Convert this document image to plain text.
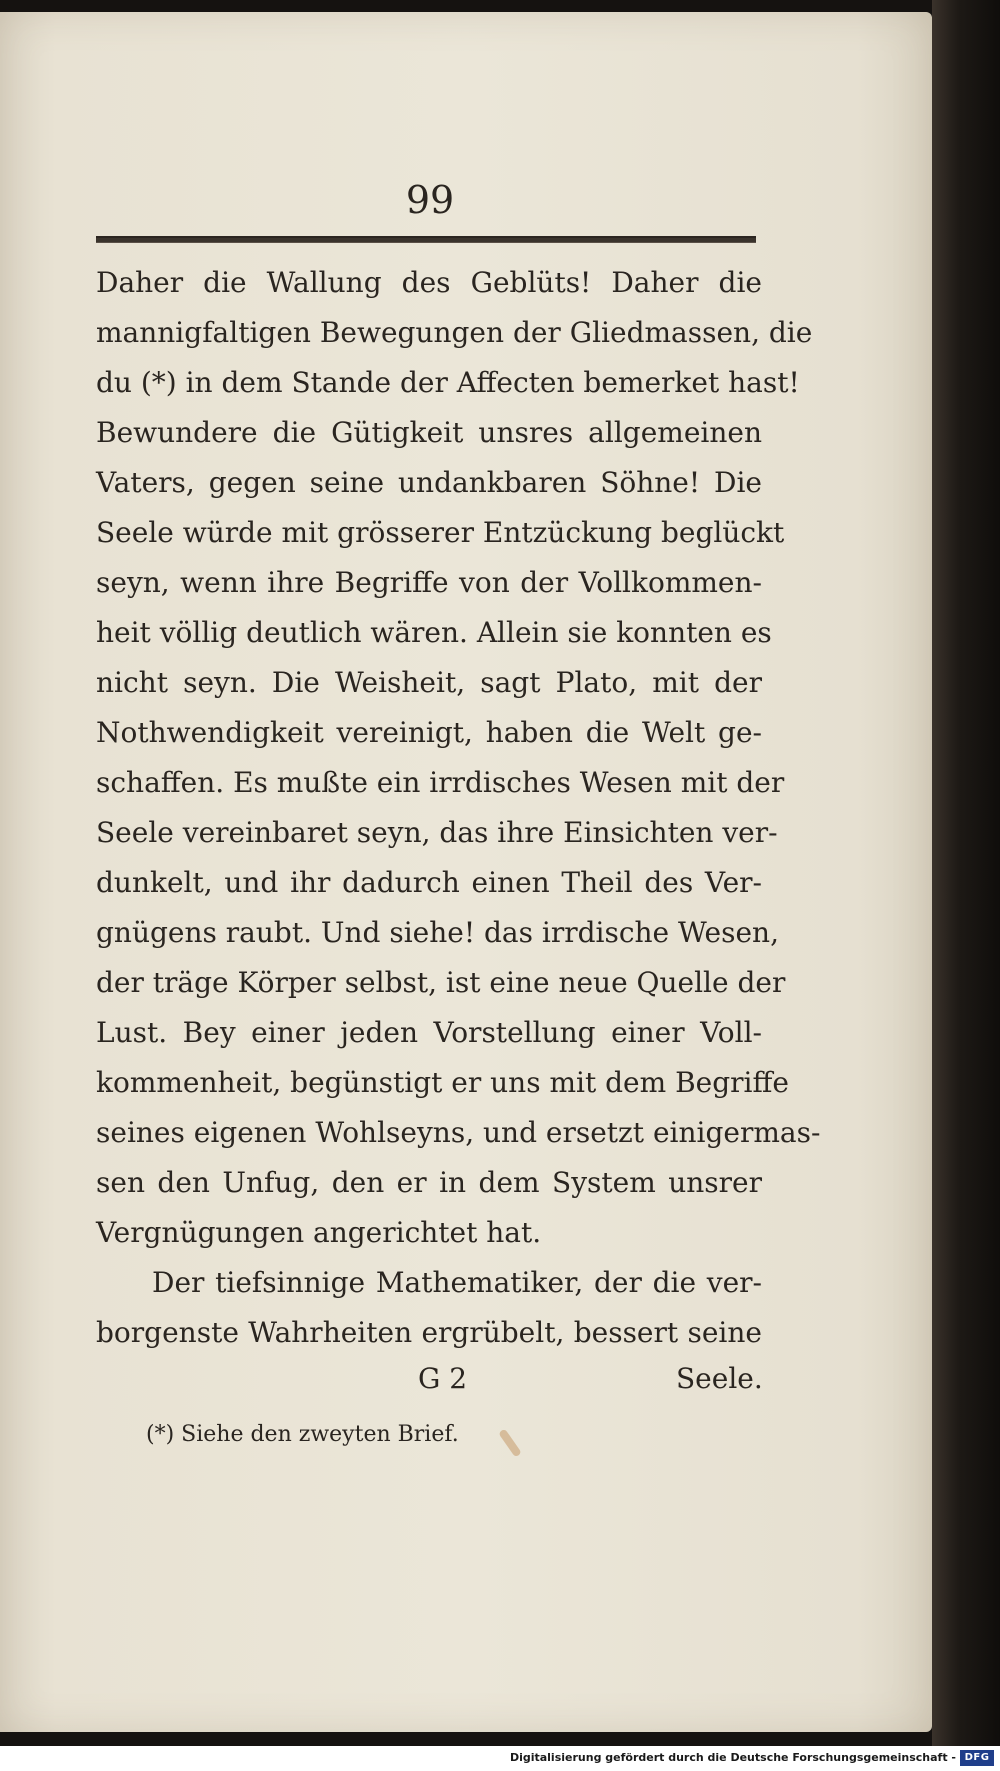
99
Daher die Wallung des Geblüts! Daher die
mannigfaltigen Bewegungen der Gliedmassen, die
du (*) in dem Stande der Affecten bemerket hast!
Bewundere die Gütigkeit unsres allgemeinen
Vaters, gegen seine undankbaren Söhne! Die
Seele würde mit grösserer Entzückung beglückt
seyn, wenn ihre Begriffe von der Vollkommen-
heit völlig deutlich wären. Allein sie konnten es
nicht seyn. Die Weisheit, sagt Plato, mit der
Nothwendigkeit vereinigt, haben die Welt ge-
schaffen. Es mußte ein irrdisches Wesen mit der
Seele vereinbaret seyn, das ihre Einsichten ver-
dunkelt, und ihr dadurch einen Theil des Ver-
gnügens raubt. Und siehe! das irrdische Wesen,
der träge Körper selbst, ist eine neue Quelle der
Lust. Bey einer jeden Vorstellung einer Voll-
kommenheit, begünstigt er uns mit dem Begriffe
seines eigenen Wohlseyns, und ersetzt einigermas-
sen den Unfug, den er in dem System unsrer
Vergnügungen angerichtet hat.
Der tiefsinnige Mathematiker, der die ver-
borgenste Wahrheiten ergrübelt, bessert seine
G 2	Seele.
(*) Siehe den zweyten Brief.
Digitalisierung gefördert durch die Deutsche Forschungsgemeinschaft - DFG
